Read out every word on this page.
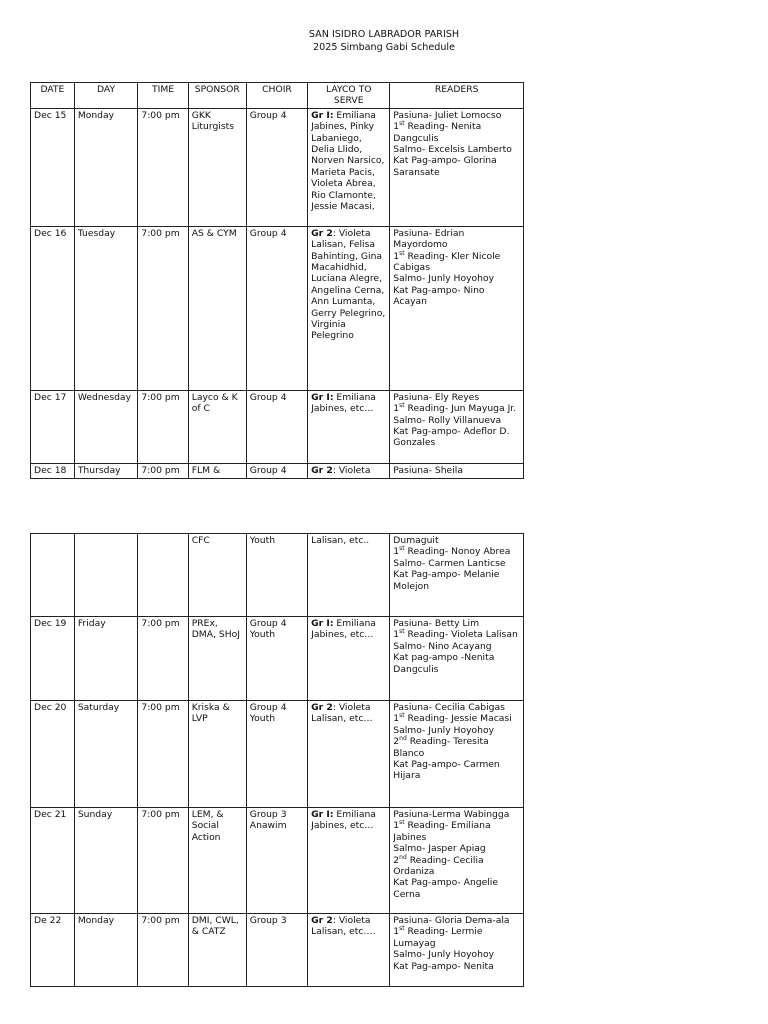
SAN ISIDRO LABRADOR PARISH
2025 Simbang Gabi Schedule
DATE	DAY	TIME	SPONSOR	CHOIR	LAYCO TO SERVE	READERS

Dec 15	Monday	7:00 pm	GKK Liturgists	Group 4	Gr I: Emiliana Jabines, Pinky Labaniego, Delia Llido, Norven Narsico, Marieta Pacis, Violeta Abrea, Rio Clamonte, Jessie Macasi,	Pasiuna- Juliet Lomocso
1st Reading- Nenita Dangculis
Salmo- Excelsis Lamberto
Kat Pag-ampo- Glorina Saransate

Dec 16	Tuesday	7:00 pm	AS & CYM	Group 4	Gr 2: Violeta Lalisan, Felisa Bahinting, Gina Macahidhid, Luciana Alegre, Angelina Cerna, Ann Lumanta, Gerry Pelegrino, Virginia Pelegrino	Pasiuna- Edrian Mayordomo
1st Reading- Kler Nicole Cabigas
Salmo- Junly Hoyohoy
Kat Pag-ampo- Nino Acayan

Dec 17	Wednesday	7:00 pm	Layco & K of C	Group 4	Gr I: Emiliana Jabines, etc…	Pasiuna- Ely Reyes
1st Reading- Jun Mayuga Jr.
Salmo- Rolly Villanueva
Kat Pag-ampo- Adeflor D. Gonzales

Dec 18	Thursday	7:00 pm	FLM &	Group 4	Gr 2: Violeta	Pasiuna- Sheila

			CFC	Youth	Lalisan, etc..	Dumaguit
1st Reading- Nonoy Abrea
Salmo- Carmen Lanticse
Kat Pag-ampo- Melanie Molejon

Dec 19	Friday	7:00 pm	PREx, DMA, SHoJ	Group 4 Youth	Gr I: Emiliana Jabines, etc…	Pasiuna- Betty Lim
1st Reading- Violeta Lalisan
Salmo- Nino Acayang
Kat pag-ampo -Nenita Dangculis

Dec 20	Saturday	7:00 pm	Kriska & LVP	Group 4 Youth	Gr 2: Violeta Lalisan, etc…	Pasiuna- Cecilia Cabigas
1st Reading- Jessie Macasi
Salmo- Junly Hoyohoy
2nd Reading- Teresita Blanco
Kat Pag-ampo- Carmen Hijara

Dec 21	Sunday	7:00 pm	LEM, & Social Action	Group 3 Anawim	Gr I: Emiliana Jabines, etc…	Pasiuna-Lerma Wabingga
1st Reading- Emiliana Jabines
Salmo- Jasper Apiag
2nd Reading- Cecilia Ordaniza
Kat Pag-ampo- Angelie Cerna

De 22	Monday	7:00 pm	DMI, CWL, & CATZ	Group 3	Gr 2: Violeta Lalisan, etc….	Pasiuna- Gloria Dema-ala
1st Reading- Lermie Lumayag
Salmo- Junly Hoyohoy
Kat Pag-ampo- Nenita
